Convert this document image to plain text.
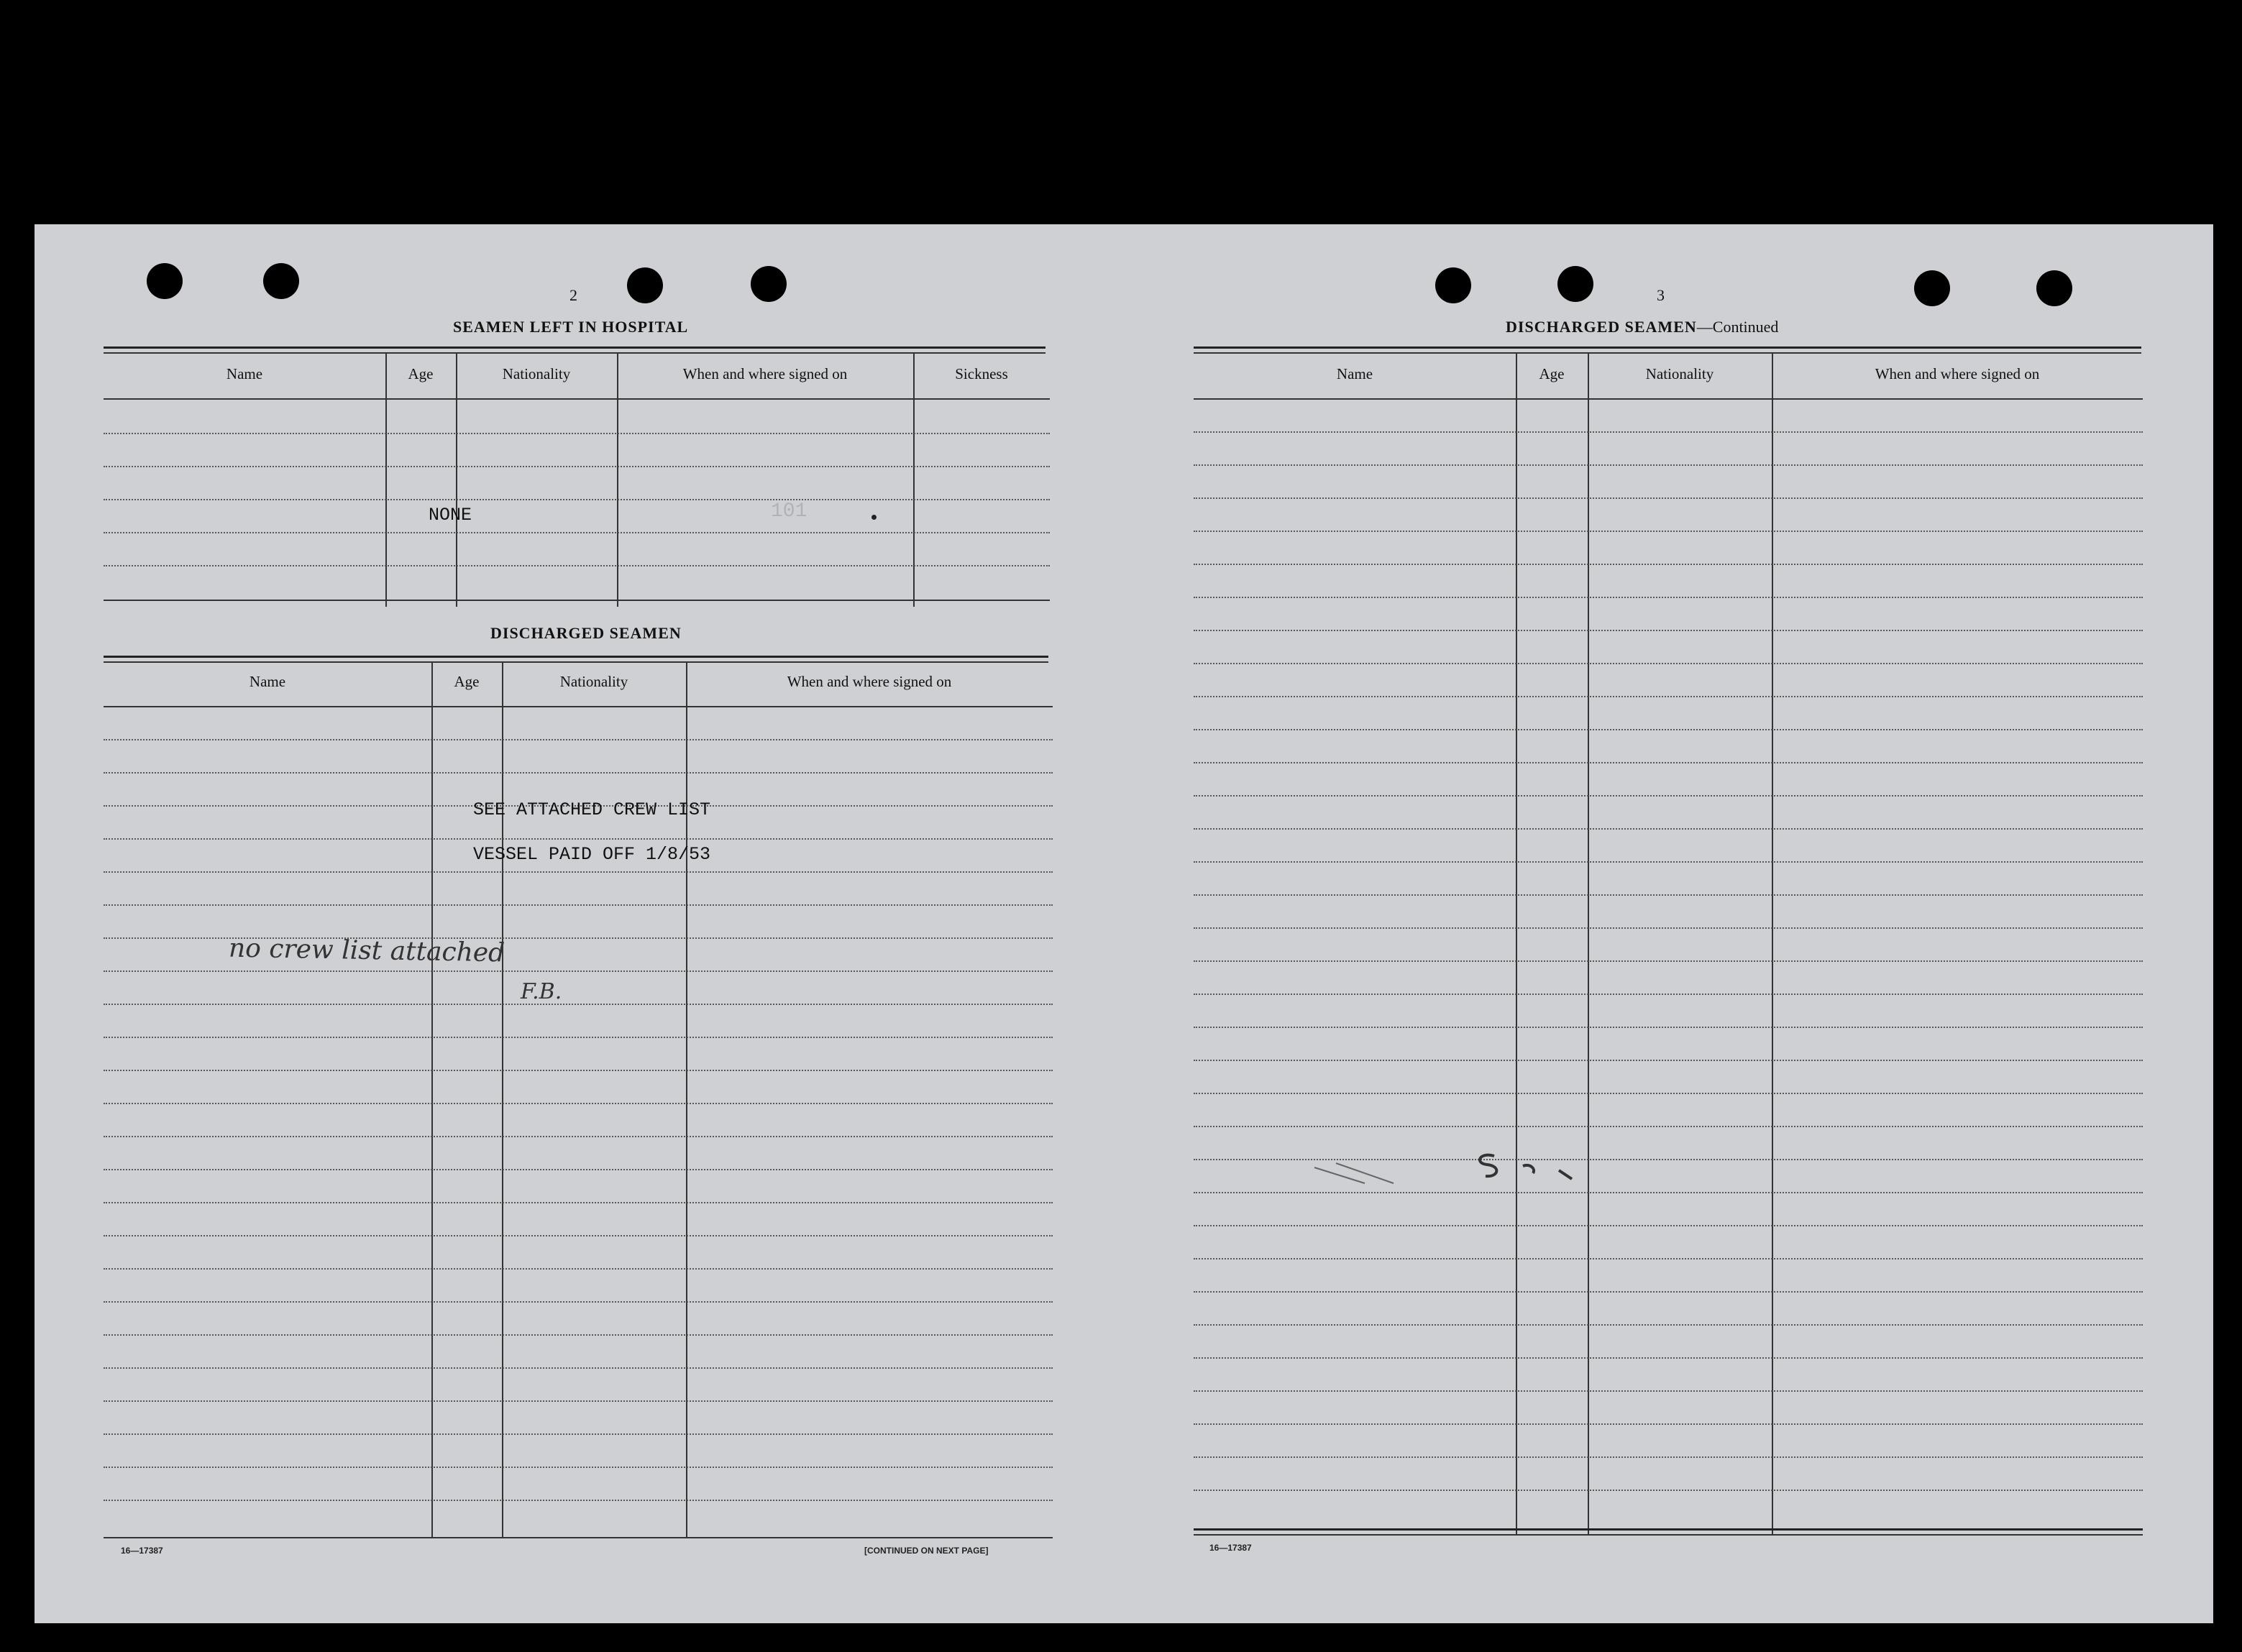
2
SEAMEN LEFT IN HOSPITAL
Name	Age	Nationality	When and where signed on	Sickness
NONE	101
DISCHARGED SEAMEN
Name	Age	Nationality	When and where signed on
SEE ATTACHED CREW LIST
VESSEL PAID OFF 1/8/53
no crew list attached
F.B.
16—17387	[CONTINUED ON NEXT PAGE]
3
DISCHARGED SEAMEN—Continued
Name	Age	Nationality	When and where signed on
16—17387
